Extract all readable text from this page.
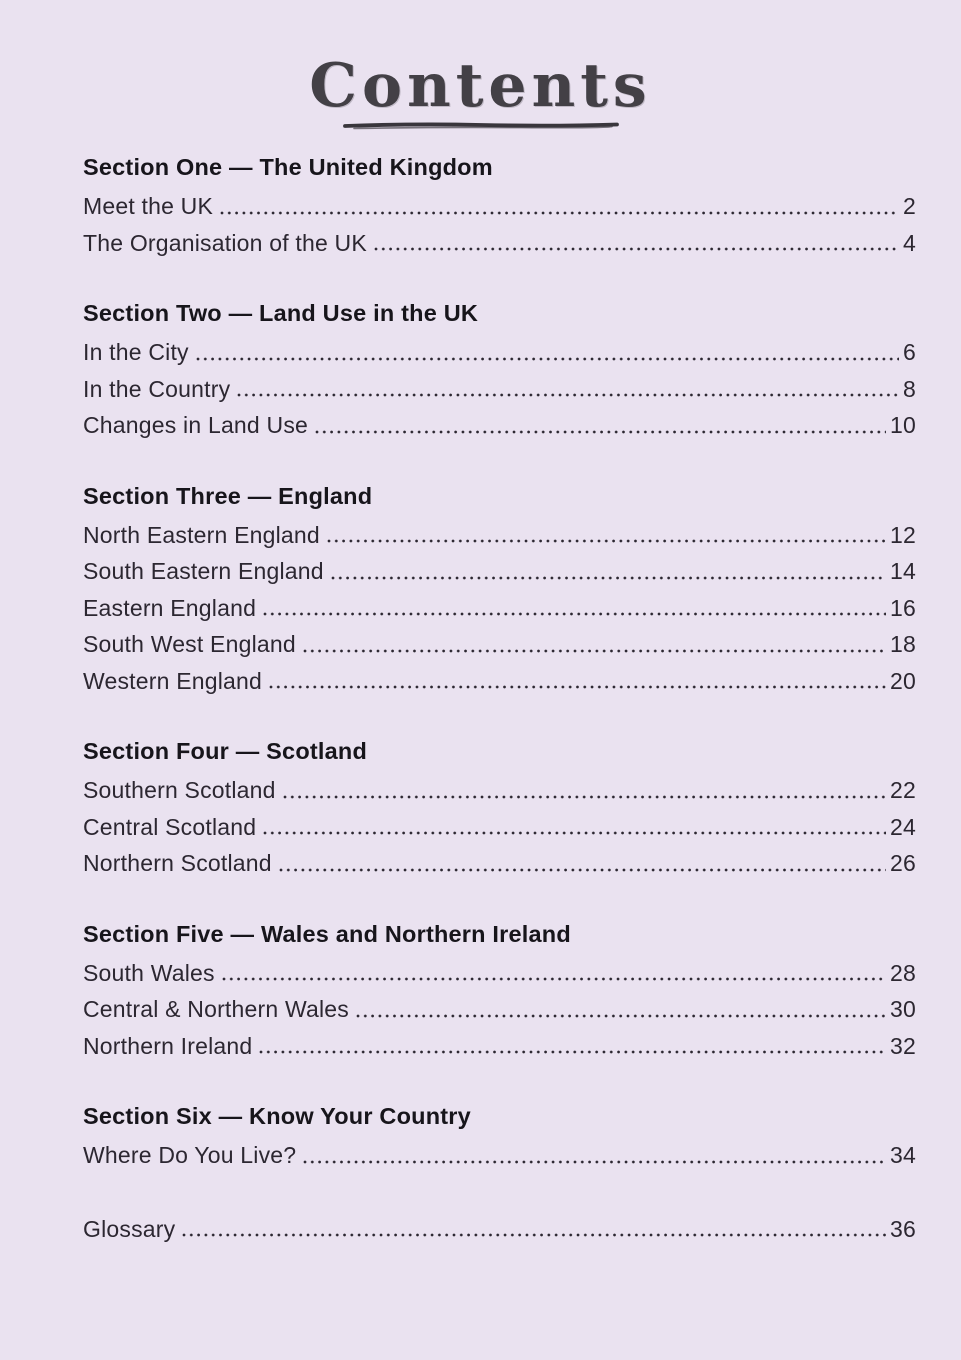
Contents
Section One — The United Kingdom
Meet the UK	2
The Organisation of the UK	4
Section Two — Land Use in the UK
In the City	6
In the Country	8
Changes in Land Use	10
Section Three — England
North Eastern England	12
South Eastern England	14
Eastern England	16
South West England	18
Western England	20
Section Four — Scotland
Southern Scotland	22
Central Scotland	24
Northern Scotland	26
Section Five — Wales and Northern Ireland
South Wales	28
Central & Northern Wales	30
Northern Ireland	32
Section Six — Know Your Country
Where Do You Live?	34
Glossary	36
